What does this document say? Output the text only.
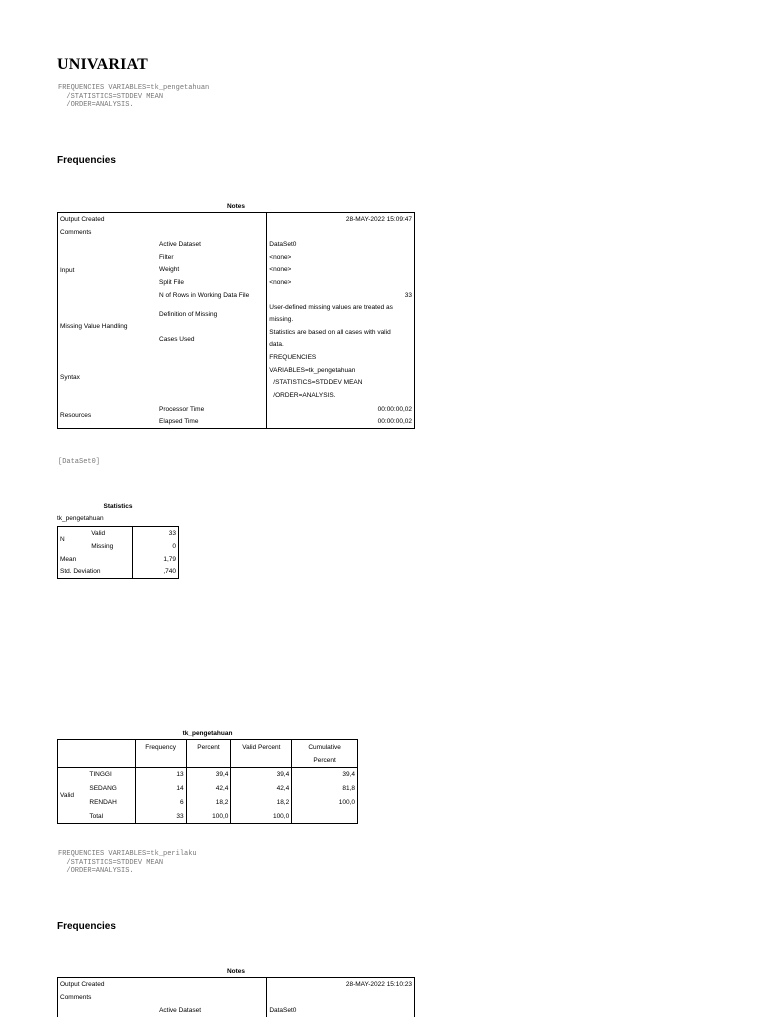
UNIVARIAT
FREQUENCIES VARIABLES=tk_pengetahuan
/STATISTICS=STDDEV MEAN
/ORDER=ANALYSIS.
Frequencies
Notes
Output Created		28-MAY-2022 15:09:47
Comments		
Input	Active Dataset	DataSet0
	Filter	<none>
	Weight	<none>
	Split File	<none>
	N of Rows in Working Data File	33
Missing Value Handling	Definition of Missing	User-defined missing values are treated as
missing.

	Cases Used	Statistics are based on all cases with valid
data.

Syntax		FREQUENCIES
VARIABLES=tk_pengetahuan
/STATISTICS=STDDEV MEAN
/ORDER=ANALYSIS.

Resources	Processor Time	00:00:00,02
	Elapsed Time	00:00:00,02
[DataSet0]
Statistics
tk_pengetahuan
N	Valid	33
	Missing	0
Mean		1,79
Std. Deviation		,740
tk_pengetahuan
		Frequency	Percent	Valid Percent	Cumulative
Percent

Valid	TINGGI	13	39,4	39,4	39,4
	SEDANG	14	42,4	42,4	81,8
	RENDAH	6	18,2	18,2	100,0
	Total	33	100,0	100,0	
FREQUENCIES VARIABLES=tk_perilaku
/STATISTICS=STDDEV MEAN
/ORDER=ANALYSIS.
Frequencies
Notes
Output Created		28-MAY-2022 15:10:23
Comments		
	Active Dataset	DataSet0
